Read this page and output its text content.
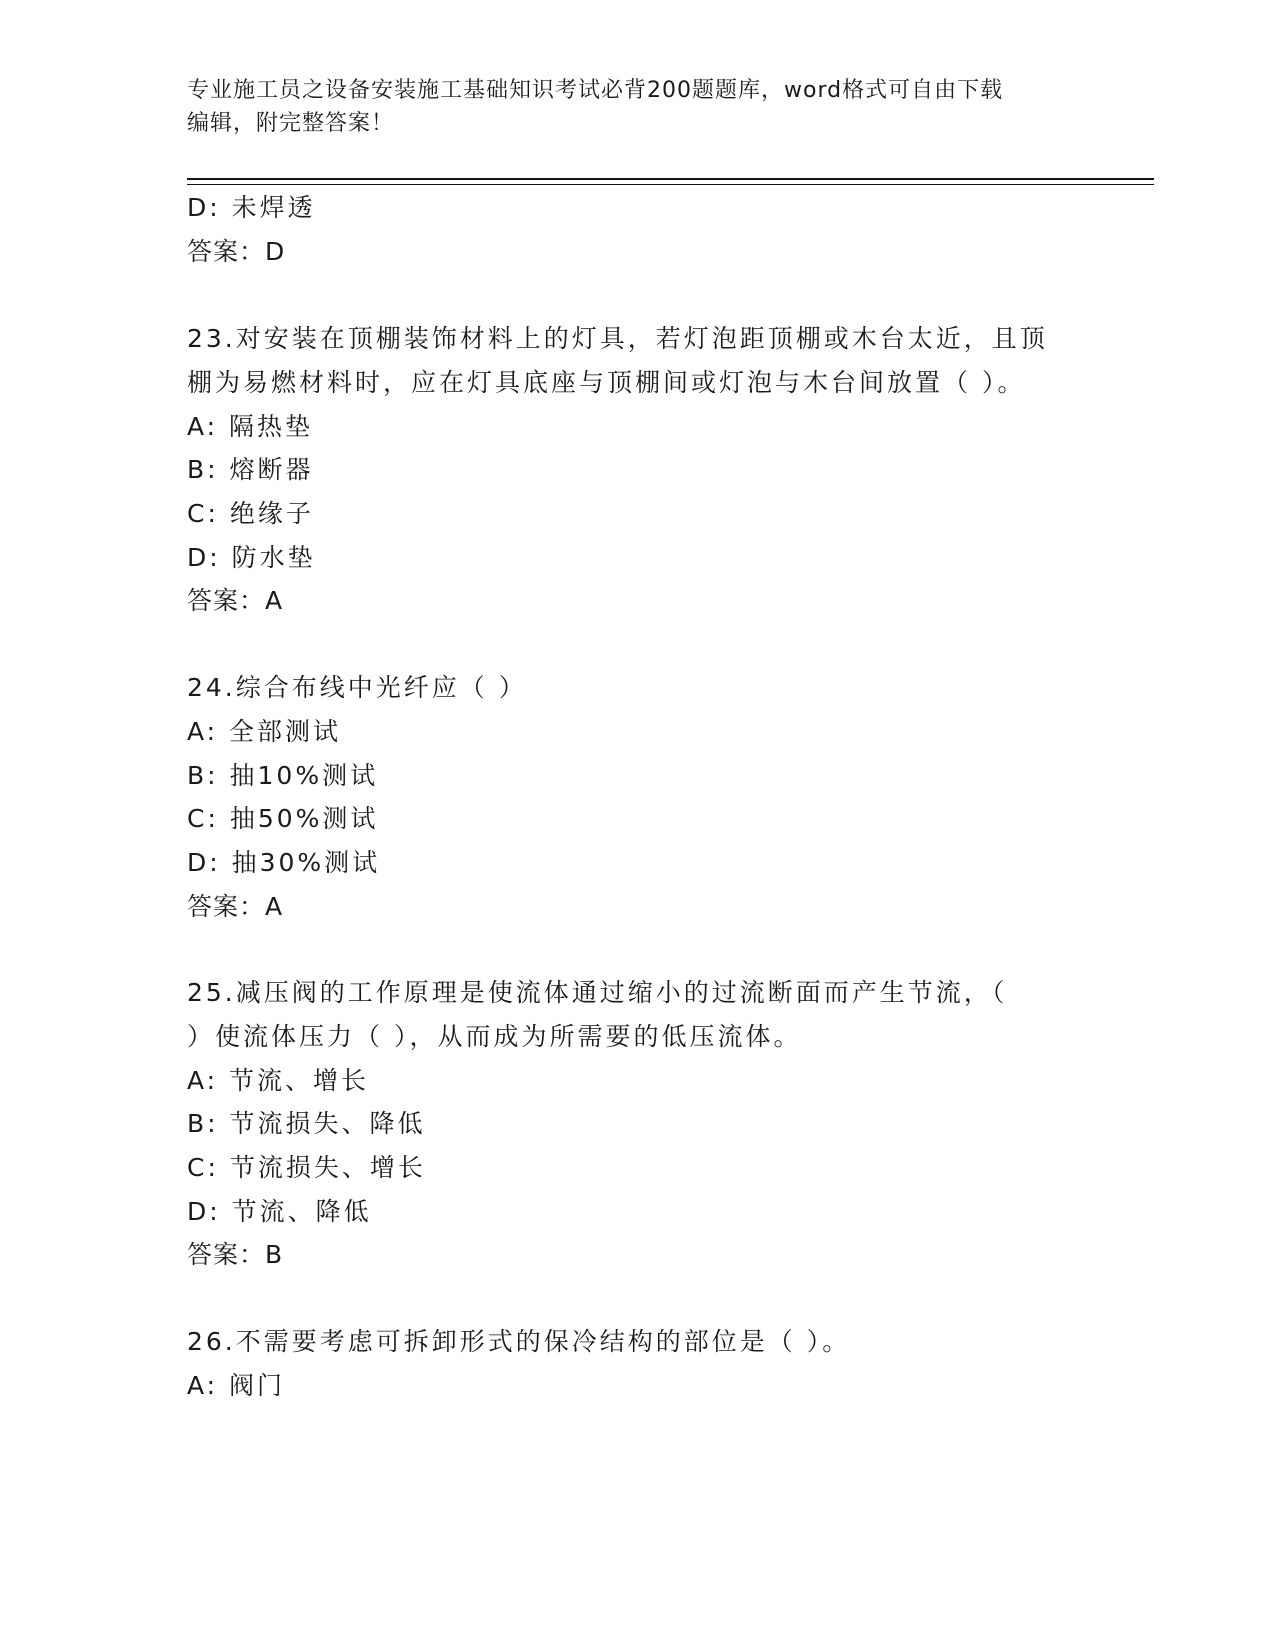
专业施工员之设备安装施工基础知识考试必背200题题库，word格式可自由下载
编辑，附完整答案！
D: 未焊透
答案：D
23.对安装在顶棚装饰材料上的灯具，若灯泡距顶棚或木台太近，且顶
棚为易燃材料时，应在灯具底座与顶棚间或灯泡与木台间放置（ ）。
A: 隔热垫
B: 熔断器
C: 绝缘子
D: 防水垫
答案：A
24.综合布线中光纤应（ ）
A: 全部测试
B: 抽10%测试
C: 抽50%测试
D: 抽30%测试
答案：A
25.减压阀的工作原理是使流体通过缩小的过流断面而产生节流，（
）使流体压力（ ），从而成为所需要的低压流体。
A: 节流、增长
B: 节流损失、降低
C: 节流损失、增长
D: 节流、降低
答案：B
26.不需要考虑可拆卸形式的保冷结构的部位是（ ）。
A: 阀门
